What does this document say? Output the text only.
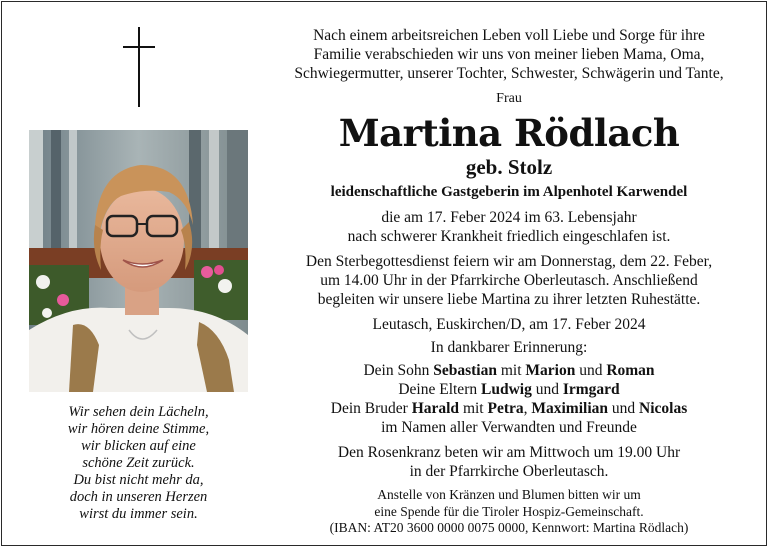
Wir sehen dein Lächeln,
wir hören deine Stimme,
wir blicken auf eine
schöne Zeit zurück.
Du bist nicht mehr da,
doch in unseren Herzen
wirst du immer sein.
Nach einem arbeitsreichen Leben voll Liebe und Sorge für ihre
Familie verabschieden wir uns von meiner lieben Mama, Oma,
Schwiegermutter, unserer Tochter, Schwester, Schwägerin und Tante,
Frau
Martina Rödlach
geb. Stolz
leidenschaftliche Gastgeberin im Alpenhotel Karwendel
die am 17. Feber 2024 im 63. Lebensjahr
nach schwerer Krankheit friedlich eingeschlafen ist.
Den Sterbegottesdienst feiern wir am Donnerstag, dem 22. Feber,
um 14.00 Uhr in der Pfarrkirche Oberleutasch. Anschließend
begleiten wir unsere liebe Martina zu ihrer letzten Ruhestätte.
Leutasch, Euskirchen/D, am 17. Feber 2024
In dankbarer Erinnerung:
Dein Sohn Sebastian mit Marion und Roman
Deine Eltern Ludwig und Irmgard
Dein Bruder Harald mit Petra, Maximilian und Nicolas
im Namen aller Verwandten und Freunde
Den Rosenkranz beten wir am Mittwoch um 19.00 Uhr
in der Pfarrkirche Oberleutasch.
Anstelle von Kränzen und Blumen bitten wir um
eine Spende für die Tiroler Hospiz-Gemeinschaft.
(IBAN: AT20 3600 0000 0075 0000, Kennwort: Martina Rödlach)
